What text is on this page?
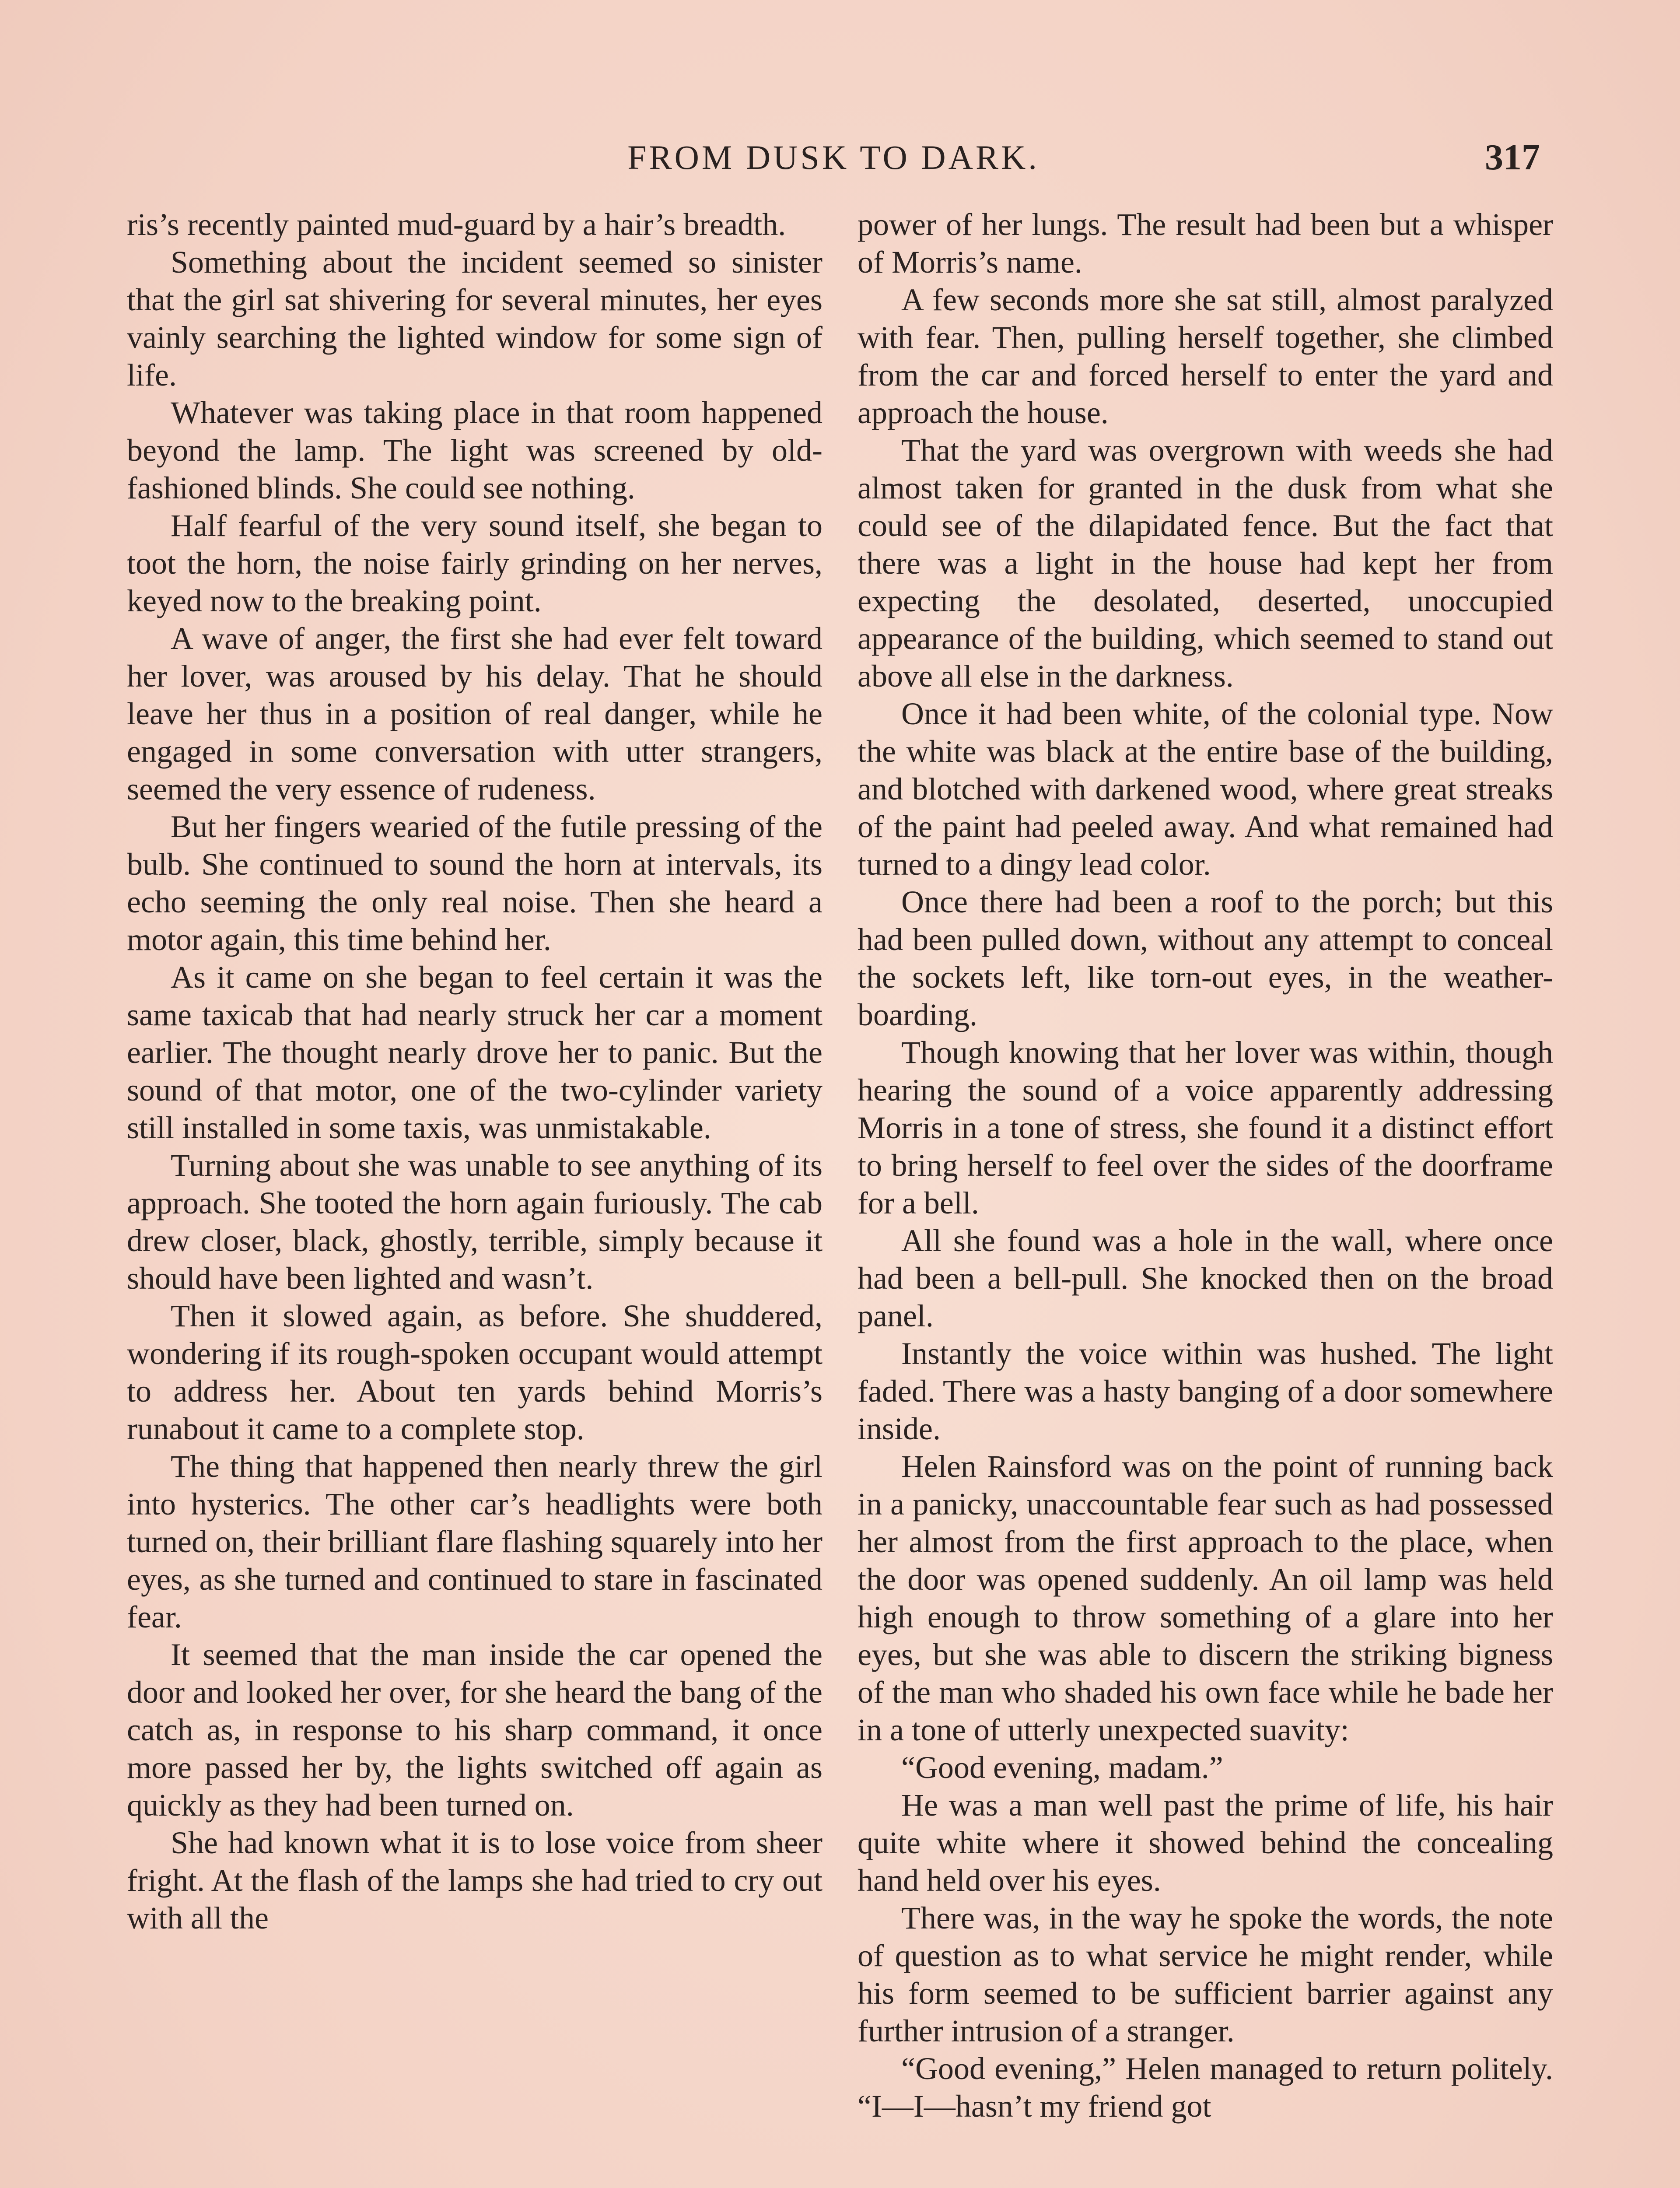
FROM DUSK TO DARK.	317

ris’s recently painted mud-guard by a hair’s breadth.

Something about the incident seemed so sinister that the girl sat shivering for several minutes, her eyes vainly searching the lighted window for some sign of life.

Whatever was taking place in that room happened beyond the lamp. The light was screened by old-fashioned blinds. She could see nothing.

Half fearful of the very sound itself, she began to toot the horn, the noise fairly grinding on her nerves, keyed now to the breaking point.

A wave of anger, the first she had ever felt toward her lover, was aroused by his delay. That he should leave her thus in a position of real danger, while he engaged in some conversation with utter strangers, seemed the very essence of rudeness.

But her fingers wearied of the futile pressing of the bulb. She continued to sound the horn at intervals, its echo seeming the only real noise. Then she heard a motor again, this time behind her.

As it came on she began to feel certain it was the same taxicab that had nearly struck her car a moment earlier. The thought nearly drove her to panic. But the sound of that motor, one of the two-cylinder variety still installed in some taxis, was unmistakable.

Turning about she was unable to see anything of its approach. She tooted the horn again furiously. The cab drew closer, black, ghostly, terrible, simply because it should have been lighted and wasn’t.

Then it slowed again, as before. She shuddered, wondering if its rough-spoken occupant would attempt to address her. About ten yards behind Morris’s runabout it came to a complete stop.

The thing that happened then nearly threw the girl into hysterics. The other car’s headlights were both turned on, their brilliant flare flashing squarely into her eyes, as she turned and continued to stare in fascinated fear.

It seemed that the man inside the car opened the door and looked her over, for she heard the bang of the catch as, in response to his sharp command, it once more passed her by, the lights switched off again as quickly as they had been turned on.

She had known what it is to lose voice from sheer fright. At the flash of the lamps she had tried to cry out with all the

power of her lungs. The result had been but a whisper of Morris’s name.

A few seconds more she sat still, almost paralyzed with fear. Then, pulling herself together, she climbed from the car and forced herself to enter the yard and approach the house.

That the yard was overgrown with weeds she had almost taken for granted in the dusk from what she could see of the dilapidated fence. But the fact that there was a light in the house had kept her from expecting the desolated, deserted, unoccupied appearance of the building, which seemed to stand out above all else in the darkness.

Once it had been white, of the colonial type. Now the white was black at the entire base of the building, and blotched with darkened wood, where great streaks of the paint had peeled away. And what remained had turned to a dingy lead color.

Once there had been a roof to the porch; but this had been pulled down, without any attempt to conceal the sockets left, like torn-out eyes, in the weather-boarding.

Though knowing that her lover was within, though hearing the sound of a voice apparently addressing Morris in a tone of stress, she found it a distinct effort to bring herself to feel over the sides of the doorframe for a bell.

All she found was a hole in the wall, where once had been a bell-pull. She knocked then on the broad panel.

Instantly the voice within was hushed. The light faded. There was a hasty banging of a door somewhere inside.

Helen Rainsford was on the point of running back in a panicky, unaccountable fear such as had possessed her almost from the first approach to the place, when the door was opened suddenly. An oil lamp was held high enough to throw something of a glare into her eyes, but she was able to discern the striking bigness of the man who shaded his own face while he bade her in a tone of utterly unexpected suavity:

“Good evening, madam.”

He was a man well past the prime of life, his hair quite white where it showed behind the concealing hand held over his eyes.

There was, in the way he spoke the words, the note of question as to what service he might render, while his form seemed to be sufficient barrier against any further intrusion of a stranger.

“Good evening,” Helen managed to return politely. “I—I—hasn’t my friend got
